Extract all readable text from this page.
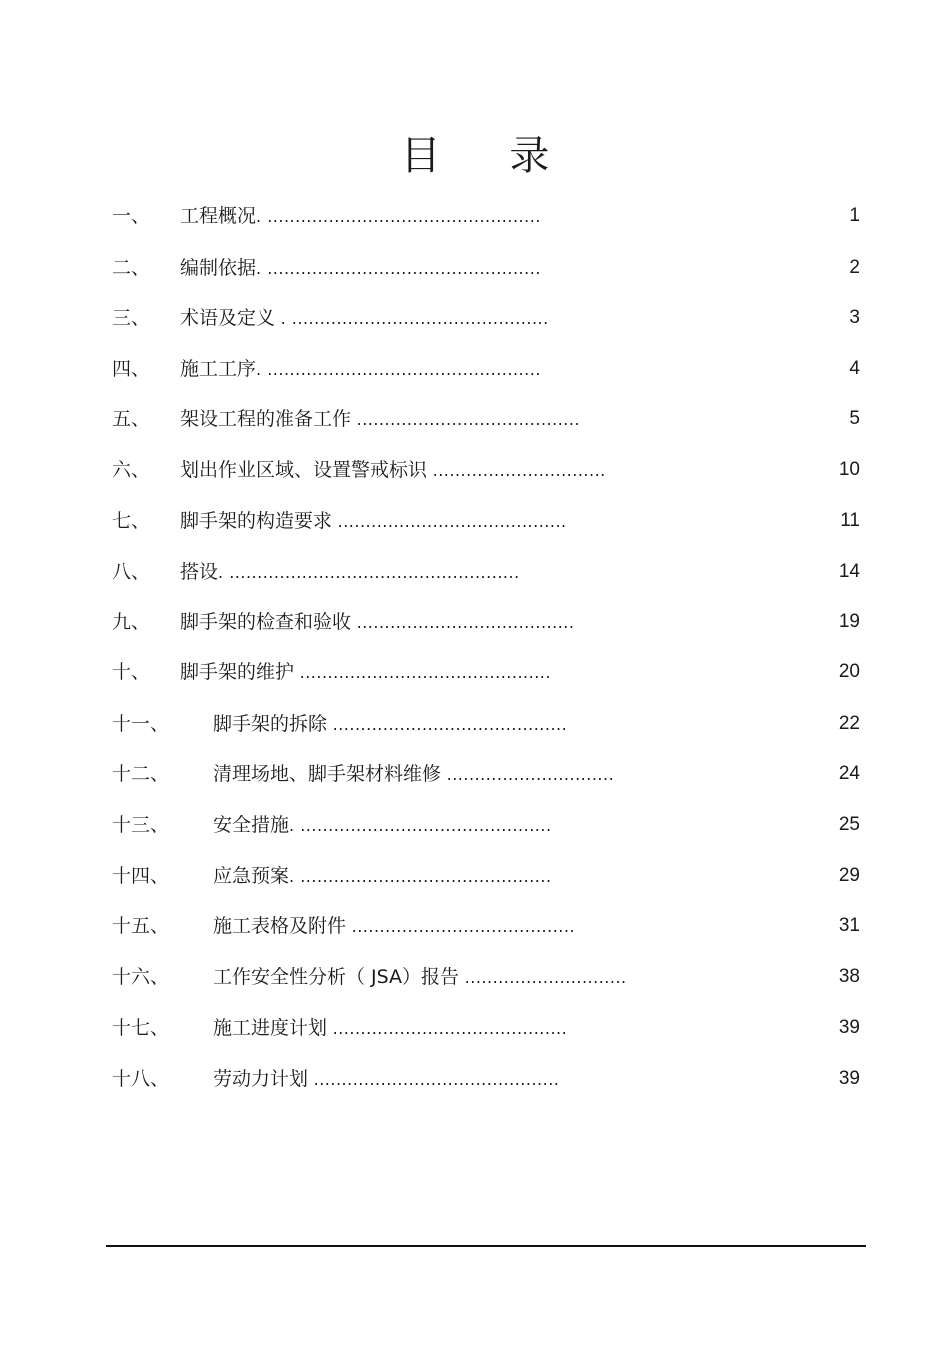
目 录
一、 工程概况. .................................................	1
二、 编制依据. .................................................	2
三、 术语及定义 . ..............................................	3
四、 施工工序. .................................................	4
五、 架设工程的准备工作 ........................................	5
六、 划出作业区域、设置警戒标识 ...............................	10
七、 脚手架的构造要求 .........................................	11
八、 搭设. ....................................................	14
九、 脚手架的检查和验收 .......................................	19
十、 脚手架的维护 .............................................	20
十一、 脚手架的拆除 ..........................................	22
十二、 清理场地、脚手架材料维修 ..............................	24
十三、 安全措施. .............................................	25
十四、 应急预案. .............................................	29
十五、 施工表格及附件 ........................................	31
十六、 工作安全性分析（ JSA）报告 .............................	38
十七、 施工进度计划 ..........................................	39
十八、 劳动力计划 ............................................	39
